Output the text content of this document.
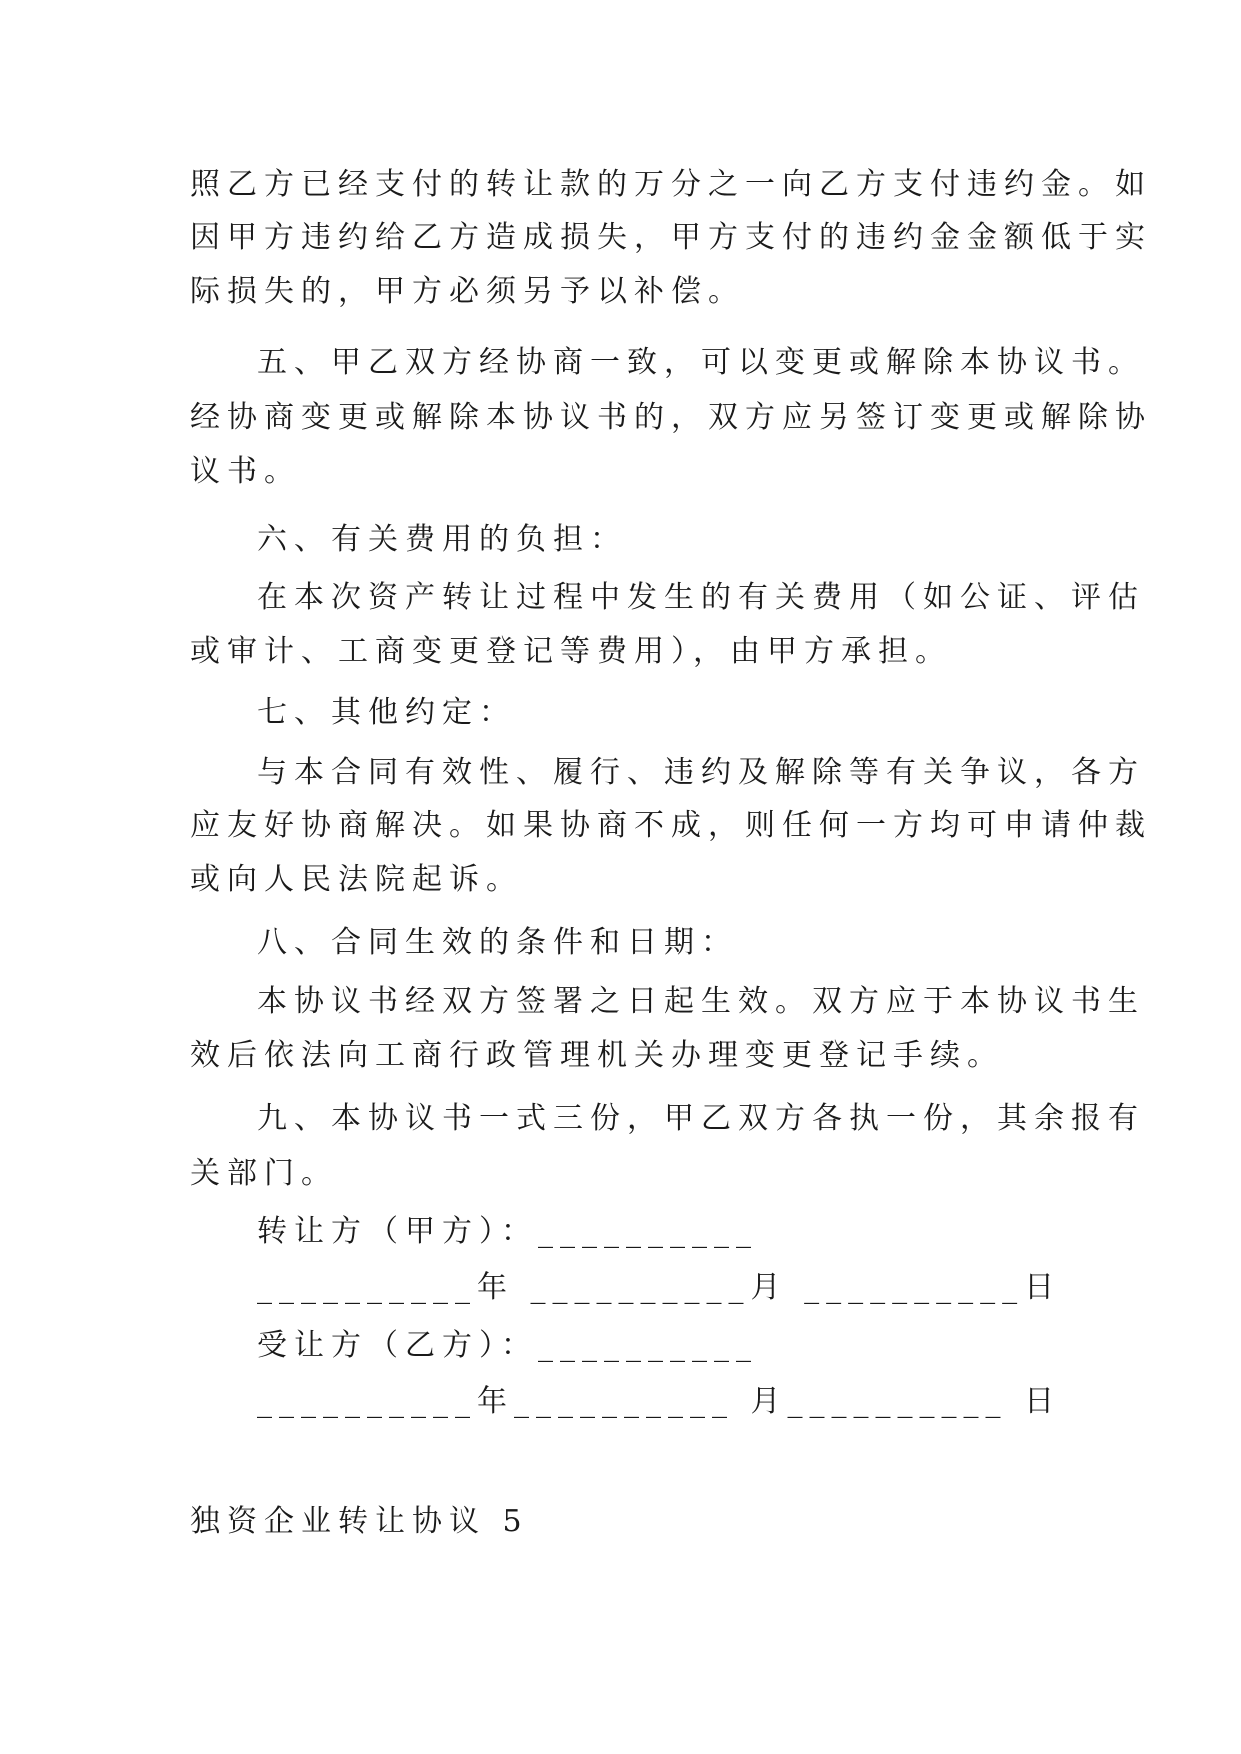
照乙方已经支付的转让款的万分之一向乙方支付违约金。如
因甲方违约给乙方造成损失，甲方支付的违约金金额低于实
际损失的，甲方必须另予以补偿。
五、甲乙双方经协商一致，可以变更或解除本协议书。
经协商变更或解除本协议书的，双方应另签订变更或解除协
议书。
六、有关费用的负担：
在本次资产转让过程中发生的有关费用（如公证、评估
或审计、工商变更登记等费用），由甲方承担。
七、其他约定：
与本合同有效性、履行、违约及解除等有关争议，各方
应友好协商解决。如果协商不成，则任何一方均可申请仲裁
或向人民法院起诉。
八、合同生效的条件和日期：
本协议书经双方签署之日起生效。双方应于本协议书生
效后依法向工商行政管理机关办理变更登记手续。
九、本协议书一式三份，甲乙双方各执一份，其余报有
关部门。
转让方（甲方）：__________
__________年 __________月 __________日
受让方（乙方）：__________
__________年__________ 月__________ 日
独资企业转让协议 5
